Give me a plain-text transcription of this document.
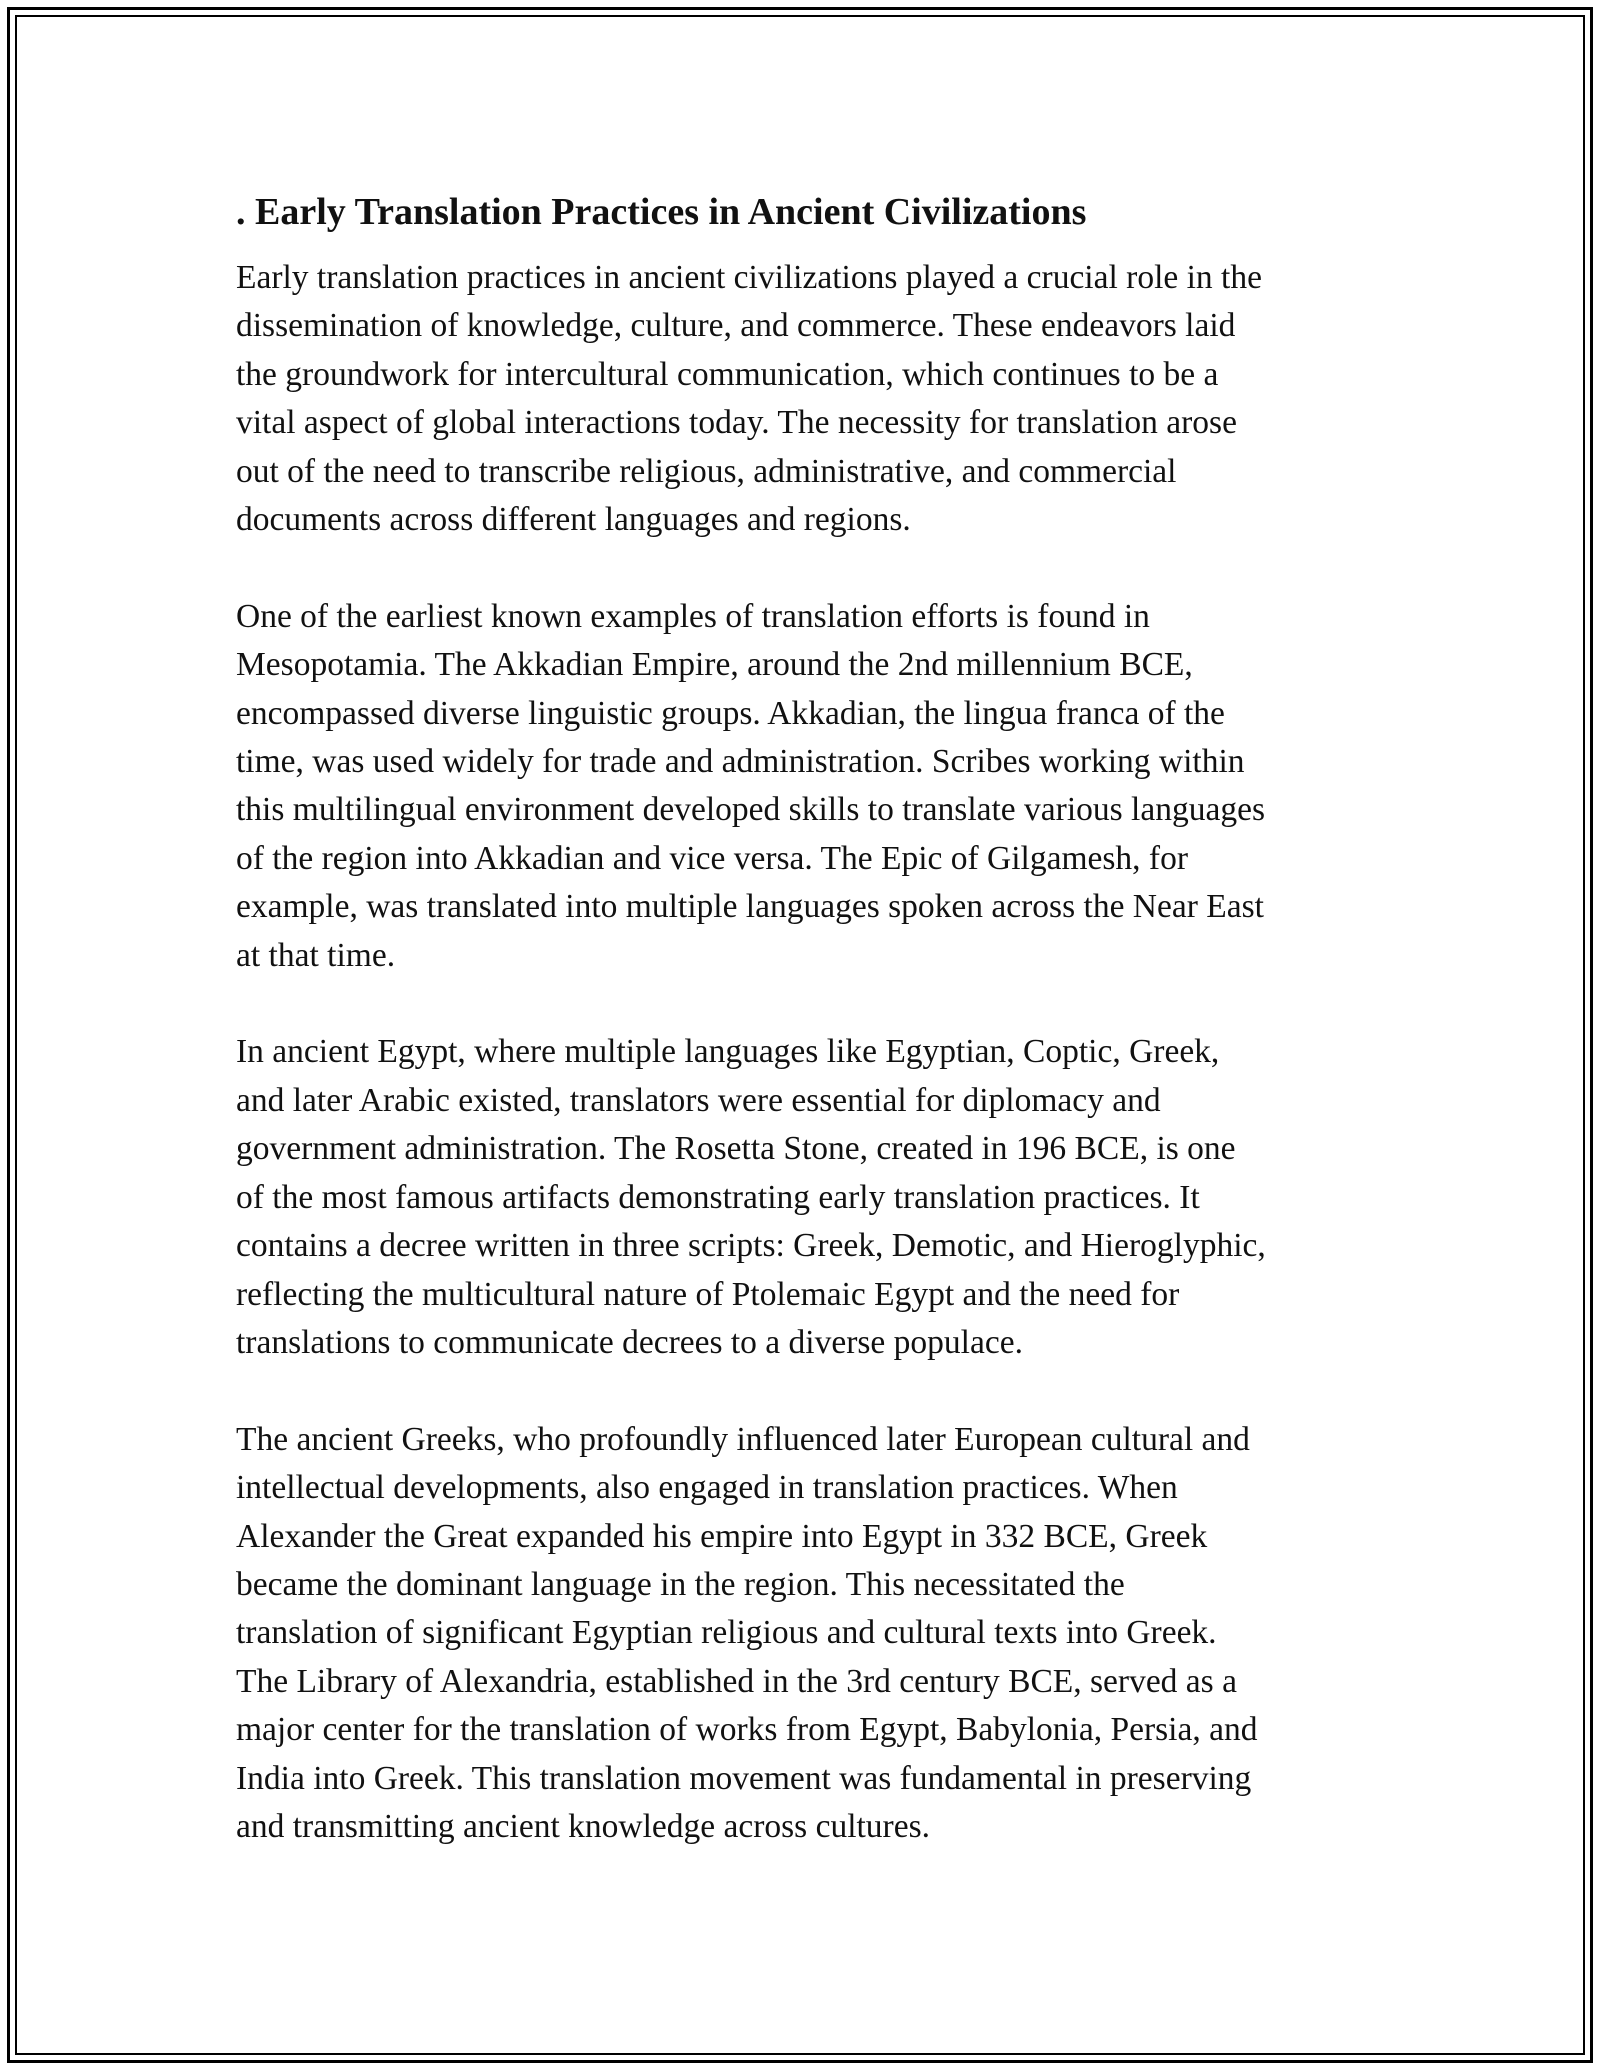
. Early Translation Practices in Ancient Civilizations

Early translation practices in ancient civilizations played a crucial role in the
dissemination of knowledge, culture, and commerce. These endeavors laid
the groundwork for intercultural communication, which continues to be a
vital aspect of global interactions today. The necessity for translation arose
out of the need to transcribe religious, administrative, and commercial
documents across different languages and regions.

One of the earliest known examples of translation efforts is found in
Mesopotamia. The Akkadian Empire, around the 2nd millennium BCE,
encompassed diverse linguistic groups. Akkadian, the lingua franca of the
time, was used widely for trade and administration. Scribes working within
this multilingual environment developed skills to translate various languages
of the region into Akkadian and vice versa. The Epic of Gilgamesh, for
example, was translated into multiple languages spoken across the Near East
at that time.

In ancient Egypt, where multiple languages like Egyptian, Coptic, Greek,
and later Arabic existed, translators were essential for diplomacy and
government administration. The Rosetta Stone, created in 196 BCE, is one
of the most famous artifacts demonstrating early translation practices. It
contains a decree written in three scripts: Greek, Demotic, and Hieroglyphic,
reflecting the multicultural nature of Ptolemaic Egypt and the need for
translations to communicate decrees to a diverse populace.

The ancient Greeks, who profoundly influenced later European cultural and
intellectual developments, also engaged in translation practices. When
Alexander the Great expanded his empire into Egypt in 332 BCE, Greek
became the dominant language in the region. This necessitated the
translation of significant Egyptian religious and cultural texts into Greek.
The Library of Alexandria, established in the 3rd century BCE, served as a
major center for the translation of works from Egypt, Babylonia, Persia, and
India into Greek. This translation movement was fundamental in preserving
and transmitting ancient knowledge across cultures.
